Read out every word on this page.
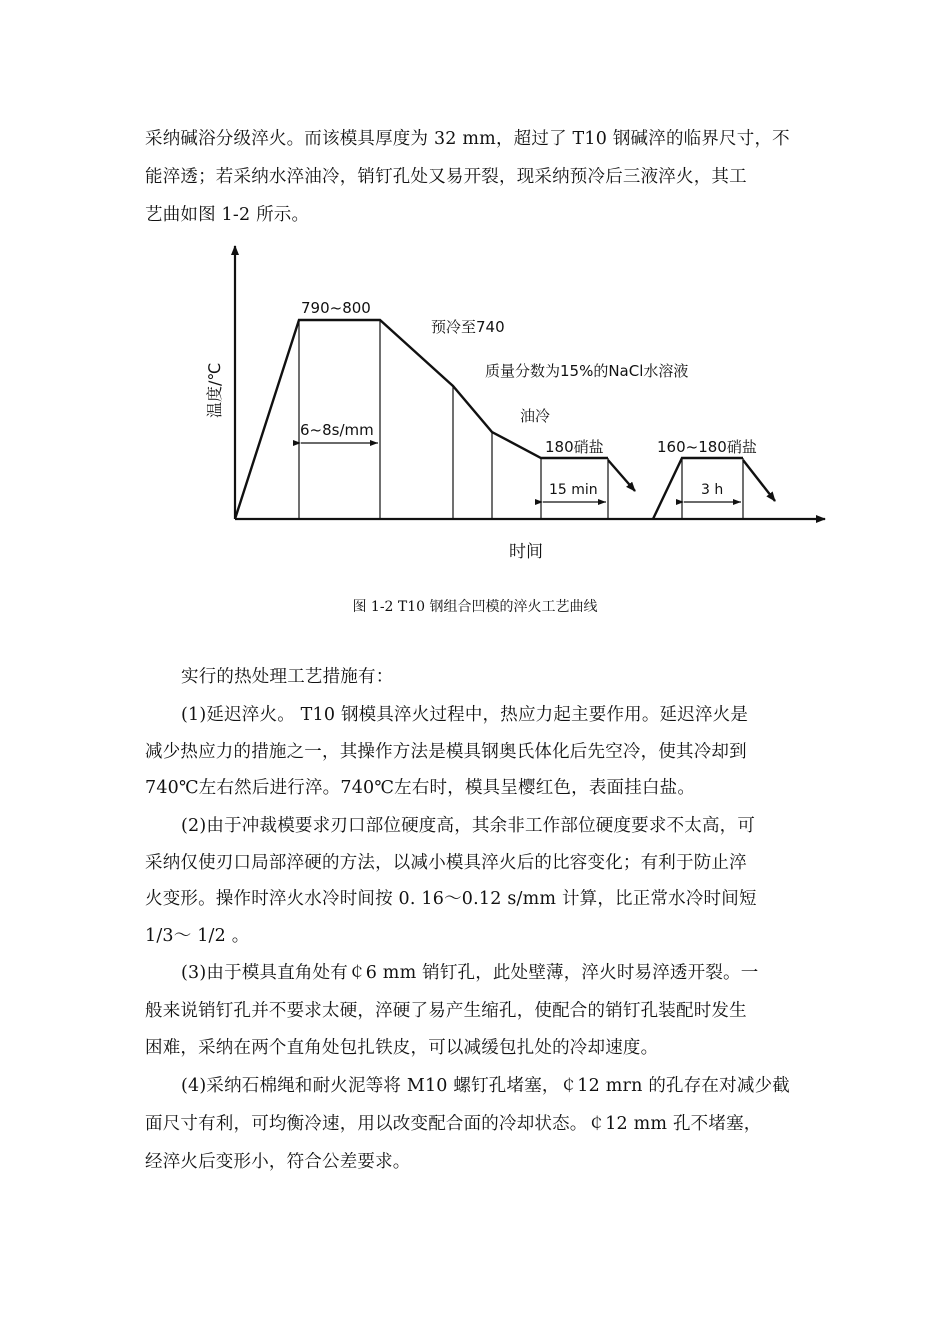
采纳碱浴分级淬火。而该模具厚度为 32 mm，超过了 T10 钢碱淬的临界尺寸，不
能淬透；若采纳水淬油冷，销钉孔处又易开裂，现采纳预冷后三液淬火，其工
艺曲如图 1-2 所示。
温度/℃
时间
790~800
6~8s/mm
预冷至740
质量分数为15%的NaCl水溶液
油冷
180硝盐
15 min
160~180硝盐
3 h
图 1-2 T10 钢组合凹模的淬火工艺曲线
实行的热处理工艺措施有：
(1)延迟淬火。 T10 钢模具淬火过程中，热应力起主要作用。延迟淬火是
减少热应力的措施之一，其操作方法是模具钢奥氏体化后先空冷，使其冷却到
740℃左右然后进行淬。740℃左右时，模具呈樱红色，表面挂白盐。
(2)由于冲裁模要求刃口部位硬度高，其余非工作部位硬度要求不太高，可
采纳仅使刃口局部淬硬的方法，以减小模具淬火后的比容变化；有利于防止淬
火变形。操作时淬火水冷时间按 0. 16～0.12 s/mm 计算，比正常水冷时间短
1/3～ 1/2 。
(3)由于模具直角处有￠6 mm 销钉孔，此处壁薄，淬火时易淬透开裂。一
般来说销钉孔并不要求太硬，淬硬了易产生缩孔，使配合的销钉孔装配时发生
困难，采纳在两个直角处包扎铁皮，可以减缓包扎处的冷却速度。
(4)采纳石棉绳和耐火泥等将 M10 螺钉孔堵塞，￠12 mrn 的孔存在对减少截
面尺寸有利，可均衡冷速，用以改变配合面的冷却状态。￠12 mm 孔不堵塞，
经淬火后变形小，符合公差要求。
